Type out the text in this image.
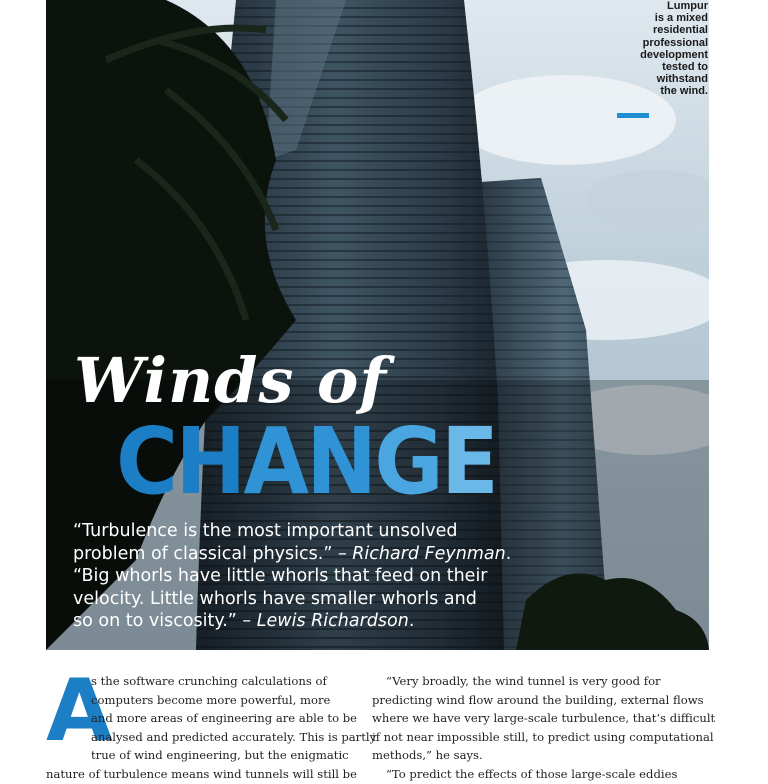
Lumpur
is a mixed
residential
professional
development
tested to
withstand
the wind.
Winds of
CHANGE
“Turbulence is the most important unsolved
problem of classical physics.” – Richard Feynman.
“Big whorls have little whorls that feed on their
velocity. Little whorls have smaller whorls and
so on to viscosity.” – Lewis Richardson.
A
s the software crunching calculations of
computers become more powerful, more
and more areas of engineering are able to be
analysed and predicted accurately. This is partly
true of wind engineering, but the enigmatic
nature of turbulence means wind tunnels will still be
“Very broadly, the wind tunnel is very good for
predicting wind flow around the building, external flows
where we have very large-scale turbulence, that’s difficult
if not near impossible still, to predict using computational
methods,” he says.
“To predict the effects of those large-scale eddies
